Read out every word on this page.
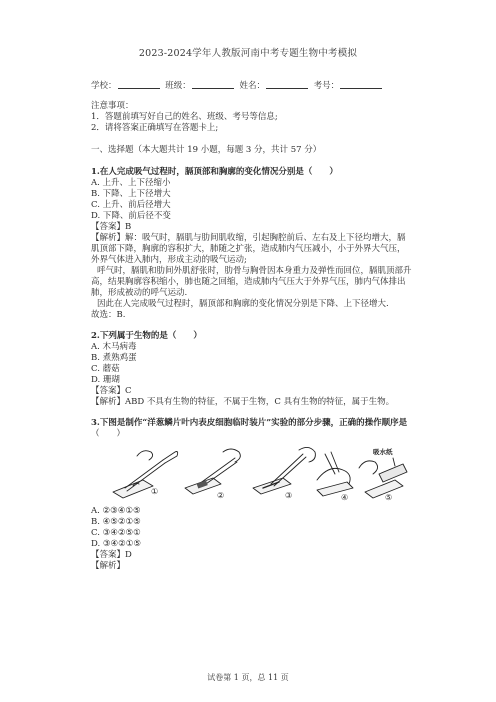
2023-2024学年人教版河南中考专题生物中考模拟
学校：	班级：	姓名：	考号：

注意事项：

1．答题前填写好自己的姓名、班级、考号等信息;

2．请将答案正确填写在答题卡上;

一、选择题（本大题共计 19 小题，每题 3 分，共计 57 分）

1.在人完成吸气过程时，膈顶部和胸廓的变化情况分别是（　　）

A. 上升、上下径缩小

B. 下降、上下径增大

C. 上升、前后径增大

D. 下降、前后径不变

【答案】B

【解析】解：吸气时，膈肌与肋间肌收缩，引起胸腔前后、左右及上下径均增大，膈

肌顶部下降，胸廓的容积扩大，肺随之扩张，造成肺内气压减小，小于外界大气压，

外界气体进入肺内，形成主动的吸气运动;

呼气时，膈肌和肋间外肌舒张时，肋骨与胸骨因本身重力及弹性而回位，膈肌顶部升

高，结果胸廓容积缩小，肺也随之回缩，造成肺内气压大于外界气压，肺内气体排出

肺，形成被动的呼气运动.

因此在人完成吸气过程时，膈顶部和胸廓的变化情况分别是下降、上下径增大.

故选：B.

2.下列属于生物的是（　　）

A. 木马病毒

B. 煮熟鸡蛋

C. 蘑菇

D. 珊瑚

【答案】C

【解析】ABD 不具有生物的特征，不属于生物，C 具有生物的特征，属于生物。

3.下图是制作“洋葱鳞片叶内表皮细胞临时装片”实验的部分步骤，正确的操作顺序是

（　　）

①	②	③	④	⑤
吸水纸

A. ②③④①⑤

B. ④⑤②①⑤

C. ③④②⑤①

D. ③④②①⑤

【答案】D

【解析】

试卷第 1 页，总 11 页
